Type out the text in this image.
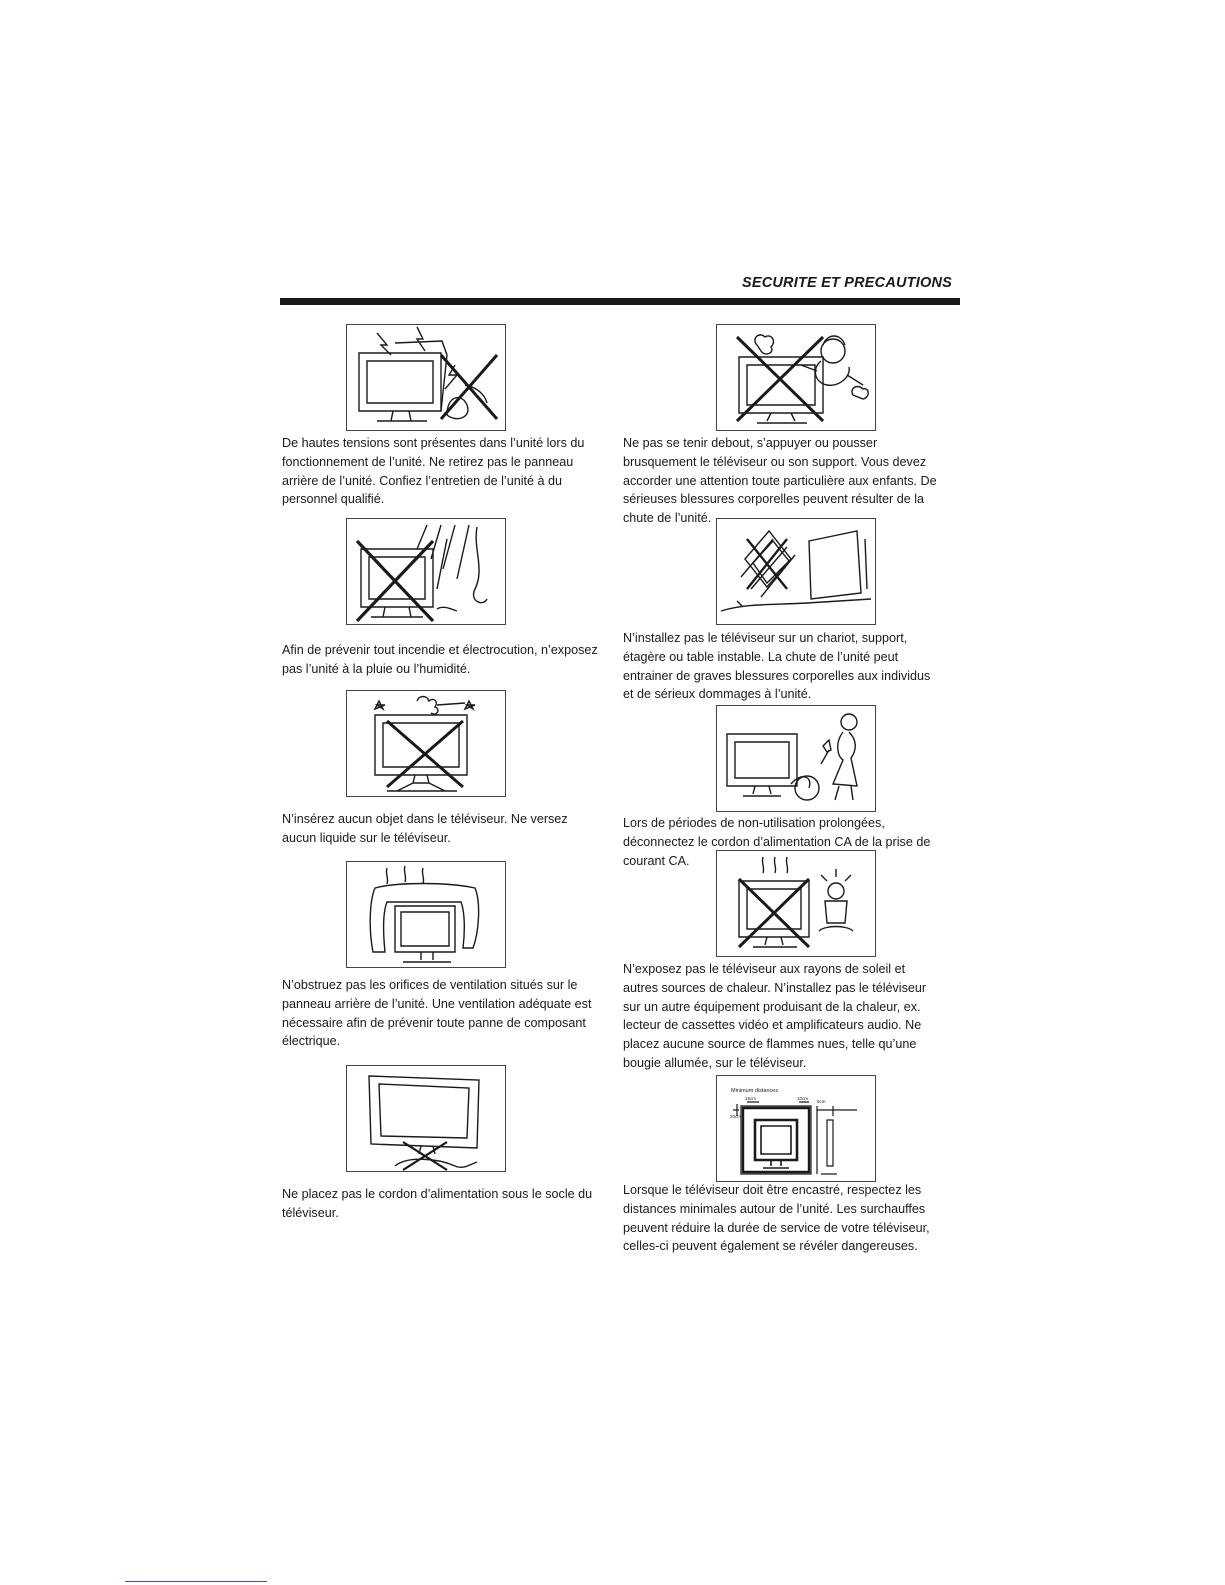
SECURITE ET PRECAUTIONS
De hautes tensions sont présentes dans l’unité lors du
fonctionnement de l’unité. Ne retirez pas le panneau
arrière de l’unité. Confiez l’entretien de l’unité à du
personnel qualifié.
Afin de prévenir tout incendie et électrocution, n’exposez
pas l’unité à la pluie ou l’humidité.
N’insérez aucun objet dans le téléviseur. Ne versez
aucun liquide sur le téléviseur.
N’obstruez pas les orifices de ventilation situés sur le
panneau arrière de l’unité. Une ventilation adéquate est
nécessaire afin de prévenir toute panne de composant
électrique.
Ne placez pas le cordon d’alimentation sous le socle du
téléviseur.
Ne pas se tenir debout, s’appuyer ou pousser
brusquement le téléviseur ou son support. Vous devez
accorder une attention toute particulière aux enfants. De
sérieuses blessures corporelles peuvent résulter de la
chute de l’unité.
N’installez pas le téléviseur sur un chariot, support,
étagère ou table instable. La chute de l’unité peut
entrainer de graves blessures corporelles aux individus
et de sérieux dommages à l’unité.
Lors de périodes de non-utilisation prolongées,
déconnectez le cordon d’alimentation CA de la prise de
courant CA.
N’exposez pas le téléviseur aux rayons de soleil et
autres sources de chaleur. N’installez pas le téléviseur
sur un autre équipement produisant de la chaleur, ex.
lecteur de cassettes vidéo et amplificateurs audio. Ne
placez aucune source de flammes nues, telle qu’une
bougie allumée, sur le téléviseur.
Minimum distances
15cm	10cm
5cm
20cm
Lorsque le téléviseur doit être encastré, respectez les
distances minimales autour de l’unité. Les surchauffes
peuvent réduire la durée de service de votre téléviseur,
celles-ci peuvent également se révéler dangereuses.
